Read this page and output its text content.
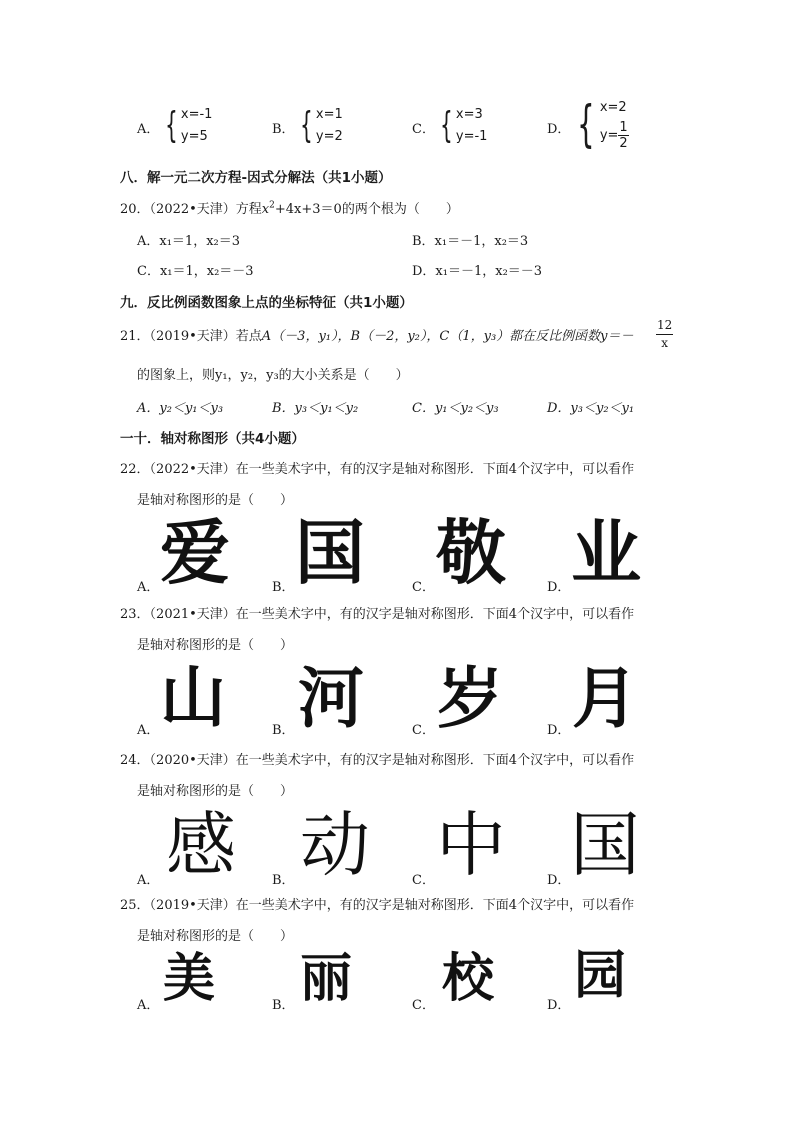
A． { x=-1
y=5	B． { x=1
y=2	C． { x=3
y=-1	D． { x=2
$y= \frac{1}{2}$
八．解一元二次方程-因式分解法（共1小题）
20．（2022•天津）方程$x^2+4x+3=0$的两个根为（　　）
A．x₁＝1，x₂＝3	B．x₁＝－1，x₂＝3
C．x₁＝1，x₂＝－3	D．x₁＝－1，x₂＝－3
九．反比例函数图象上点的坐标特征（共1小题）
21．（2019•天津）若点A（－3，y₁），B（－2，y₂），C（1，y₃）都在反比例函数$y=- \frac{12}{x}$
的图象上，则y₁，y₂，y₃的大小关系是（　　）
A．y₂＜y₁＜y₃	B．y₃＜y₁＜y₂	C．y₁＜y₂＜y₃	D．y₃＜y₂＜y₁
一十．轴对称图形（共4小题）
22．（2022•天津）在一些美术字中，有的汉字是轴对称图形．下面4个汉字中，可以看作
是轴对称图形的是（　　）
A． 爱	B． 国	C． 敬	D． 业
23．（2021•天津）在一些美术字中，有的汉字是轴对称图形．下面4个汉字中，可以看作
是轴对称图形的是（　　）
A． 山	B． 河	C． 岁	D． 月
24．（2020•天津）在一些美术字中，有的汉字是轴对称图形．下面4个汉字中，可以看作
是轴对称图形的是（　　）
A． 感	B． 动	C． 中	D． 国
25．（2019•天津）在一些美术字中，有的汉字是轴对称图形．下面4个汉字中，可以看作
是轴对称图形的是（　　）
A． 美	B． 丽	C． 校	D． 园
